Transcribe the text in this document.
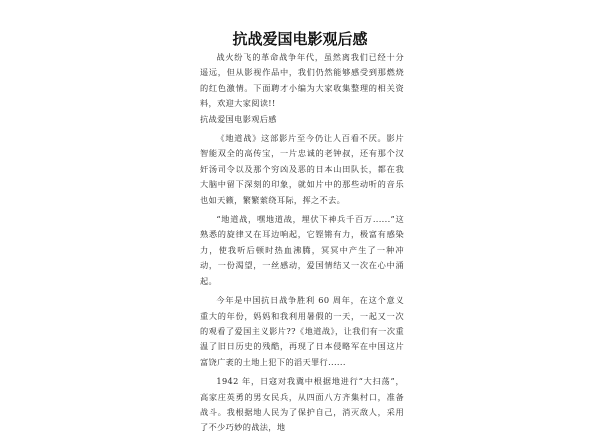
抗战爱国电影观后感

战火纷飞的革命战争年代，虽然离我们已经十分遥远，但从影视作品中，我们仍然能够感受到那燃烧的红色激情。下面聘才小编为大家收集整理的相关资料，欢迎大家阅读!!

抗战爱国电影观后感

《地道战》这部影片至今仍让人百看不厌。影片智能双全的高传宝，一片忠诚的老钟叔，还有那个汉奸汤司令以及那个穷凶及恶的日本山田队长，都在我大脑中留下深刻的印象，就如片中的那些动听的音乐也如天籁，繁繁萦绕耳际，挥之不去。

“地道战，嘿地道战，埋伏下神兵千百万......”这熟悉的旋律又在耳边响起，它铿锵有力，极富有感染力，使我听后顿时热血沸腾，冥冥中产生了一种冲动，一份渴望，一丝感动，爱国情结又一次在心中涌起。

今年是中国抗日战争胜利 60 周年，在这个意义重大的年份，妈妈和我利用暑假的一天，一起又一次的观看了爱国主义影片??《地道战》，让我们有一次重温了旧日历史的残酷，再现了日本侵略军在中国这片富饶广袤的土地上犯下的滔天罪行......

1942 年，日寇对我冀中根据地进行“大扫荡”，高家庄英勇的男女民兵，从四面八方齐集村口，准备战斗。我根据地人民为了保护自己，消灭敌人，采用了不少巧妙的战法，地
